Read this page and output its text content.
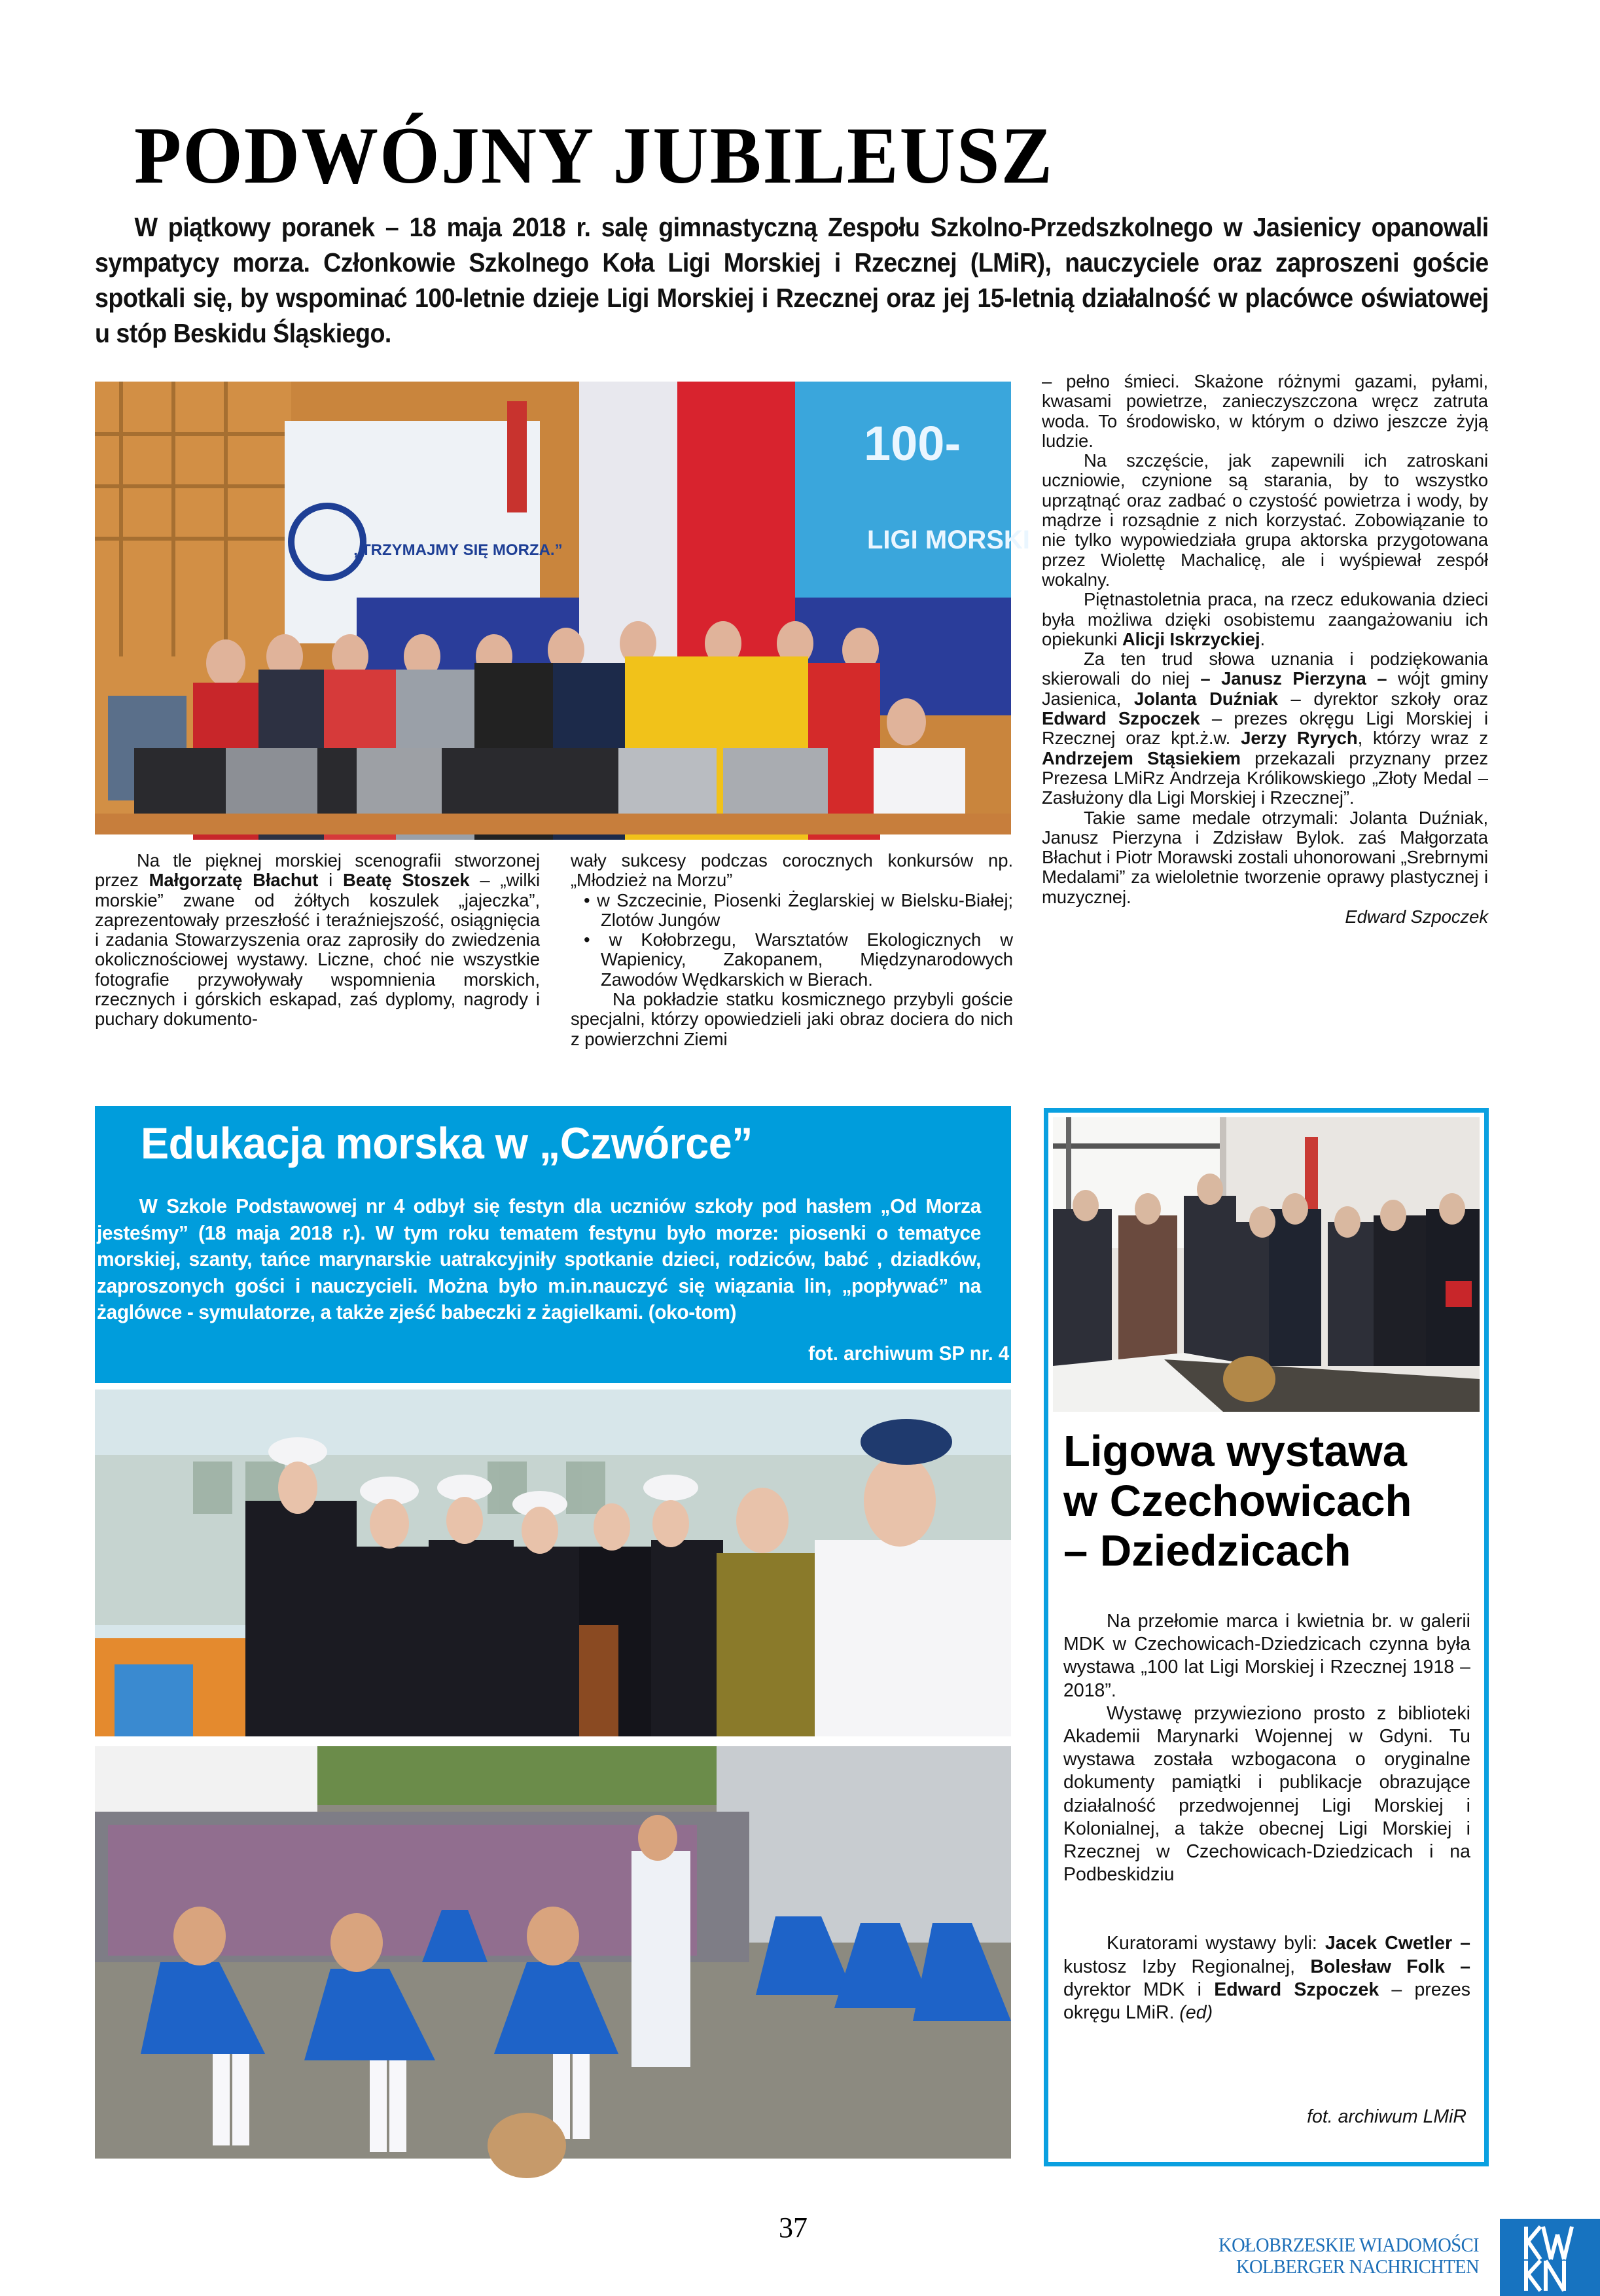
PODWÓJNY JUBILEUSZ
W piątkowy poranek – 18 maja 2018 r. salę gimnastyczną Zespołu Szkolno-Przedszkolnego w Jasienicy opanowali sympatycy morza. Członkowie Szkolnego Koła Ligi Morskiej i Rzecznej (LMiR), nauczyciele oraz zaproszeni goście spotkali się, by wspominać 100-letnie dzieje Ligi Morskiej i Rzecznej oraz jej 15-letnią działalność w placówce oświatowej u stóp Beskidu Śląskiego.
100-
LIGI MORSKI
„TRZYMAJMY SIĘ MORZA.”

Na tle pięknej morskiej scenografii stworzonej przez Małgorzatę Błachut i Beatę Stoszek – „wilki morskie” zwane od żółtych koszulek „jajeczka”, zaprezentowały przeszłość i teraźniejszość, osiągnięcia i zadania Stowarzyszenia oraz zaprosiły do zwiedzenia okolicznościowej wystawy. Liczne, choć nie wszystkie fotografie przywoływały wspomnienia morskich, rzecznych i górskich eskapad, zaś dyplomy, nagrody i puchary dokumento-

wały sukcesy podczas corocznych konkursów np. „Młodzież na Morzu”

• w Szczecinie, Piosenki Żeglarskiej w Bielsku-Białej; Zlotów Jungów
• w Kołobrzegu, Warsztatów Ekologicznych w Wapienicy, Zakopanem, Międzynarodowych Zawodów Wędkarskich w Bierach.

Na pokładzie statku kosmicznego przybyli goście specjalni, którzy opowiedzieli jaki obraz dociera do nich z powierzchni Ziemi

– pełno śmieci. Skażone różnymi gazami, pyłami, kwasami powietrze, zanieczyszczona wręcz zatruta woda. To środowisko, w którym o dziwo jeszcze żyją ludzie.

Na szczęście, jak zapewnili ich zatroskani uczniowie, czynione są starania, by to wszystko uprzątnąć oraz zadbać o czystość powietrza i wody, by mądrze i rozsądnie z nich korzystać. Zobowiązanie to nie tylko wypowiedziała grupa aktorska przygotowana przez Wiolettę Machalicę, ale i wyśpiewał zespół wokalny.

Piętnastoletnia praca, na rzecz edukowania dzieci była możliwa dzięki osobistemu zaangażowaniu ich opiekunki Alicji Iskrzyckiej.

Za ten trud słowa uznania i podziękowania skierowali do niej – Janusz Pierzyna – wójt gminy Jasienica, Jolanta Duźniak – dyrektor szkoły oraz Edward Szpoczek – prezes okręgu Ligi Morskiej i Rzecznej oraz kpt.ż.w. Jerzy Ryrych, którzy wraz z Andrzejem Stąsiekiem przekazali przyznany przez Prezesa LMiRz Andrzeja Królikowskiego „Złoty Medal – Zasłużony dla Ligi Morskiej i Rzecznej”.

Takie same medale otrzymali: Jolanta Duźniak, Janusz Pierzyna i Zdzisław Bylok. zaś Małgorzata Błachut i Piotr Morawski zostali uhonorowani „Srebrnymi Medalami” za wieloletnie tworzenie oprawy plastycznej i muzycznej.

Edward Szpoczek

Edukacja morska w „Czwórce”
W Szkole Podstawowej nr 4 odbył się festyn dla uczniów szkoły pod hasłem „Od Morza jesteśmy” (18 maja 2018 r.). W tym roku tematem festynu było morze: piosenki o tematyce morskiej, szanty, tańce marynarskie uatrakcyjniły spotkanie dzieci, rodziców, babć , dziadków, zaproszonych gości i nauczycieli. Można było m.in.nauczyć się wiązania lin, „popływać” na żaglówce - symulatorze, a także zjeść babeczki z żagielkami. (oko-tom)
fot. archiwum SP nr. 4
Ligowa wystawa
w Czechowicach
– Dziedzicach

Na przełomie marca i kwietnia br. w galerii MDK w Czechowicach-Dziedzicach czynna była wystawa „100 lat Ligi Morskiej i Rzecznej 1918 – 2018”.

Wystawę przywieziono prosto z biblioteki Akademii Marynarki Wojennej w Gdyni. Tu wystawa została wzbogacona o oryginalne dokumenty pamiątki i publikacje obrazujące działalność przedwojennej Ligi Morskiej i Kolonialnej, a także obecnej Ligi Morskiej i Rzecznej w Czechowicach-Dziedzicach i na Podbeskidziu

Kuratorami wystawy byli: Jacek Cwetler – kustosz Izby Regionalnej, Bolesław Folk – dyrektor MDK i Edward Szpoczek – prezes okręgu LMiR. (ed)

fot. archiwum LMiR
37
KOŁOBRZESKIE WIADOMOŚCI
KOLBERGER NACHRICHTEN
